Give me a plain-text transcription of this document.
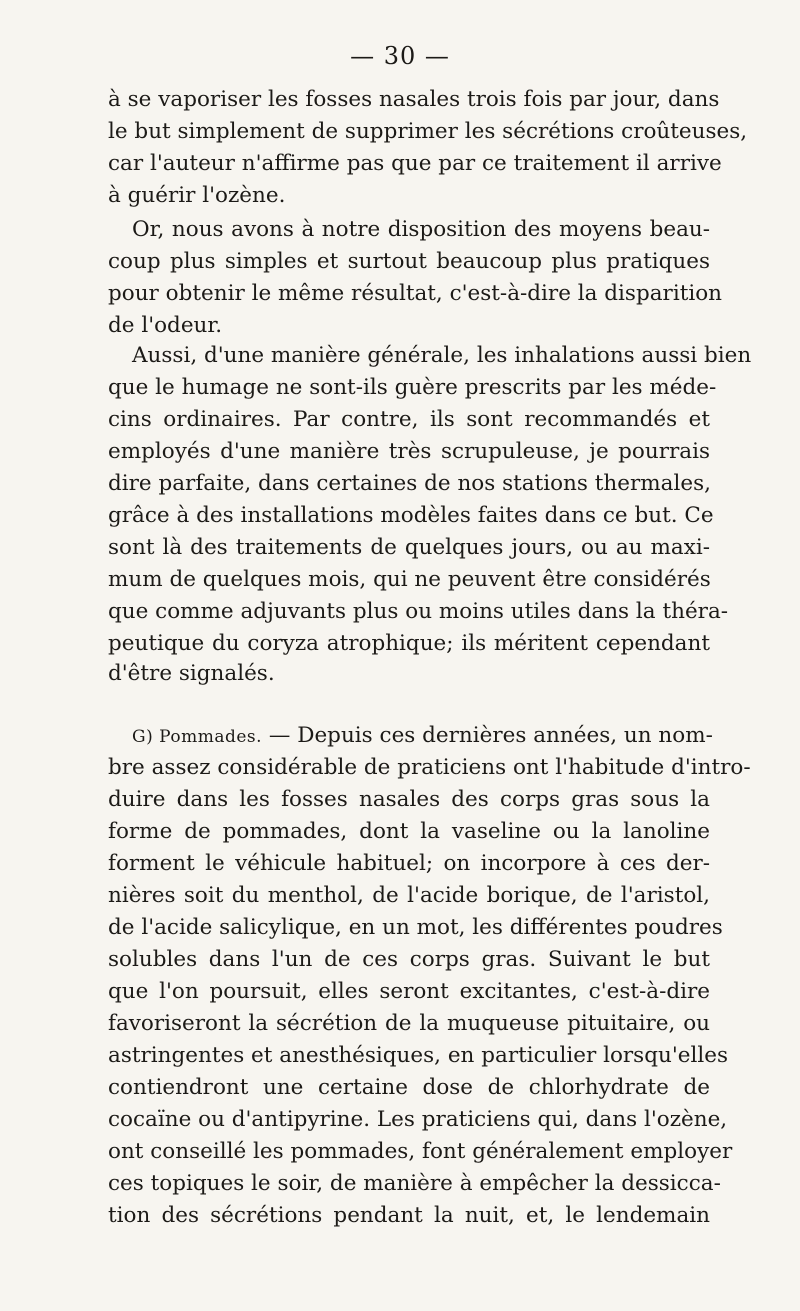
— 30 —
à se vaporiser les fosses nasales trois fois par jour, dans
le but simplement de supprimer les sécrétions croûteuses,
car l'auteur n'affirme pas que par ce traitement il arrive
à guérir l'ozène.
Or, nous avons à notre disposition des moyens beau-
coup plus simples et surtout beaucoup plus pratiques
pour obtenir le même résultat, c'est-à-dire la disparition
de l'odeur.
Aussi, d'une manière générale, les inhalations aussi bien
que le humage ne sont-ils guère prescrits par les méde-
cins ordinaires. Par contre, ils sont recommandés et
employés d'une manière très scrupuleuse, je pourrais
dire parfaite, dans certaines de nos stations thermales,
grâce à des installations modèles faites dans ce but. Ce
sont là des traitements de quelques jours, ou au maxi-
mum de quelques mois, qui ne peuvent être considérés
que comme adjuvants plus ou moins utiles dans la théra-
peutique du coryza atrophique; ils méritent cependant
d'être signalés.
G) Pommades. — Depuis ces dernières années, un nom-
bre assez considérable de praticiens ont l'habitude d'intro-
duire dans les fosses nasales des corps gras sous la
forme de pommades, dont la vaseline ou la lanoline
forment le véhicule habituel; on incorpore à ces der-
nières soit du menthol, de l'acide borique, de l'aristol,
de l'acide salicylique, en un mot, les différentes poudres
solubles dans l'un de ces corps gras. Suivant le but
que l'on poursuit, elles seront excitantes, c'est-à-dire
favoriseront la sécrétion de la muqueuse pituitaire, ou
astringentes et anesthésiques, en particulier lorsqu'elles
contiendront une certaine dose de chlorhydrate de
cocaïne ou d'antipyrine. Les praticiens qui, dans l'ozène,
ont conseillé les pommades, font généralement employer
ces topiques le soir, de manière à empêcher la dessicca-
tion des sécrétions pendant la nuit, et, le lendemain
